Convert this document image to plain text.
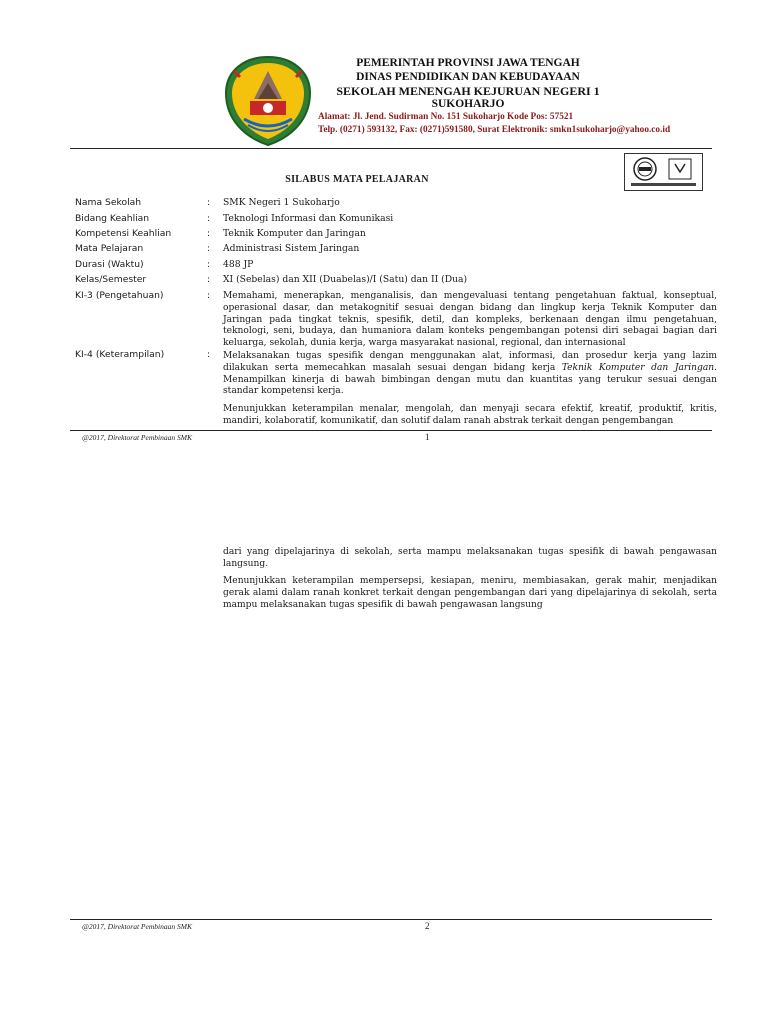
PEMERINTAH PROVINSI JAWA TENGAH
DINAS PENDIDIKAN DAN KEBUDAYAAN
SEKOLAH MENENGAH KEJURUAN NEGERI 1
SUKOHARJO
Alamat: Jl. Jend. Sudirman No. 151 Sukoharjo Kode Pos: 57521
Telp. (0271) 593132, Fax: (0271)591580, Surat Elektronik: smkn1sukoharjo@yahoo.co.id
SILABUS MATA PELAJARAN
Nama Sekolah	: SMK Negeri 1 Sukoharjo
Bidang Keahlian	: Teknologi Informasi dan Komunikasi
Kompetensi Keahlian	: Teknik Komputer dan Jaringan
Mata Pelajaran	: Administrasi Sistem Jaringan
Durasi (Waktu)	: 488 JP
Kelas/Semester	: XI (Sebelas) dan XII (Duabelas)/I (Satu) dan II (Dua)
KI-3 (Pengetahuan)	: Memahami, menerapkan, menganalisis, dan mengevaluasi tentang pengetahuan faktual, konseptual, operasional dasar, dan metakognitif sesuai dengan bidang dan lingkup kerja Teknik Komputer dan Jaringan pada tingkat teknis, spesifik, detil, dan kompleks, berkenaan dengan ilmu pengetahuan, teknologi, seni, budaya, dan humaniora dalam konteks pengembangan potensi diri sebagai bagian dari keluarga, sekolah, dunia kerja, warga masyarakat nasional, regional, dan internasional
KI-4 (Keterampilan)	: Melaksanakan tugas spesifik dengan menggunakan alat, informasi, dan prosedur kerja yang lazim dilakukan serta memecahkan masalah sesuai dengan bidang kerja Teknik Komputer dan Jaringan. Menampilkan kinerja di bawah bimbingan dengan mutu dan kuantitas yang terukur sesuai dengan standar kompetensi kerja.
Menunjukkan keterampilan menalar, mengolah, dan menyaji secara efektif, kreatif, produktif, kritis, mandiri, kolaboratif, komunikatif, dan solutif dalam ranah abstrak terkait dengan pengembangan
@2017, Direktorat Pembinaan SMK	1
dari yang dipelajarinya di sekolah, serta mampu melaksanakan tugas spesifik di bawah pengawasan langsung.
Menunjukkan keterampilan mempersepsi, kesiapan, meniru, membiasakan, gerak mahir, menjadikan gerak alami dalam ranah konkret terkait dengan pengembangan dari yang dipelajarinya di sekolah, serta mampu melaksanakan tugas spesifik di bawah pengawasan langsung
@2017, Direktorat Pembinaan SMK	2
